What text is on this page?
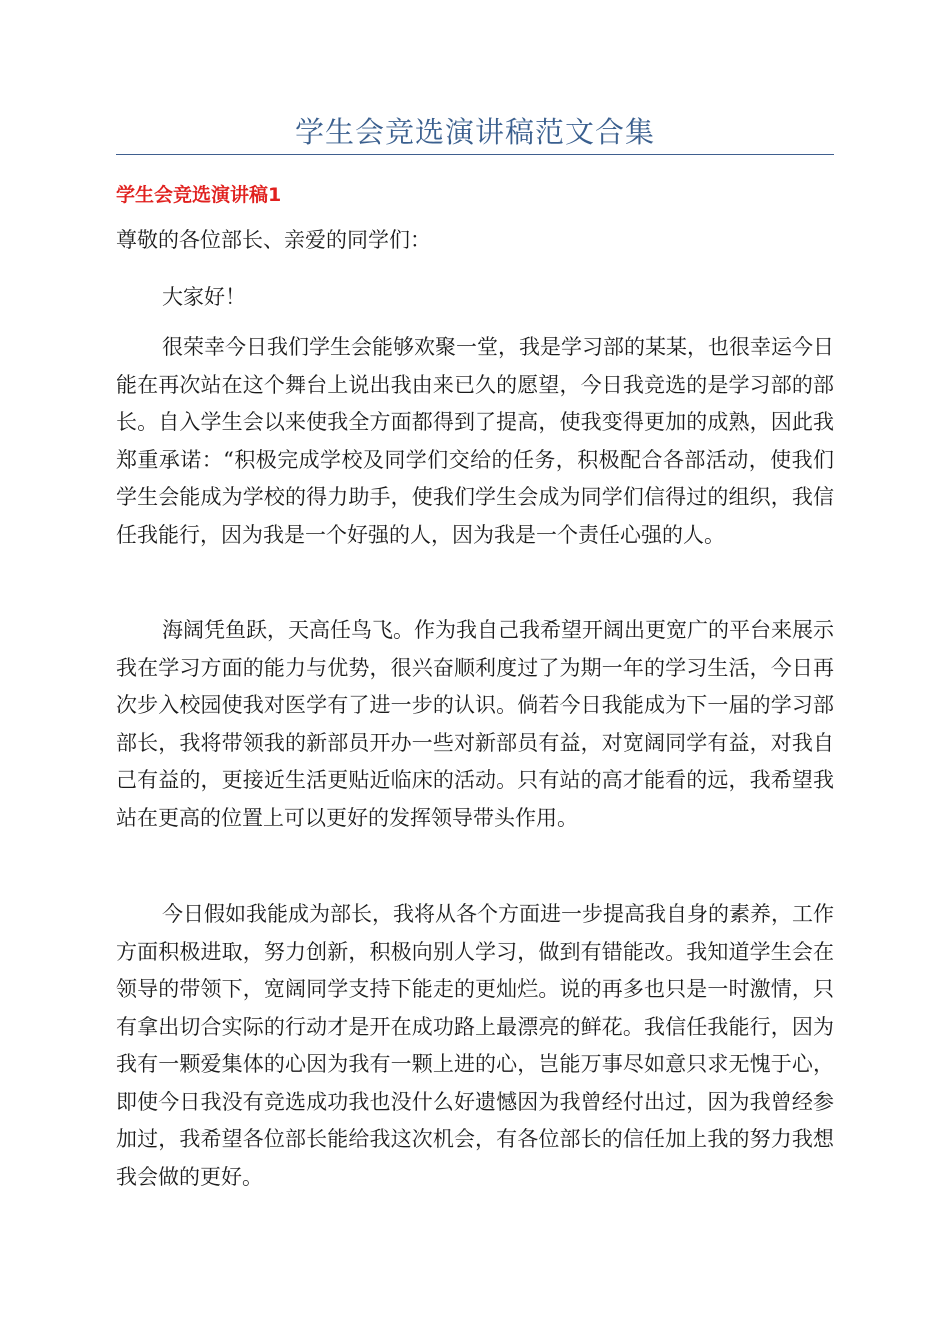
学生会竞选演讲稿范文合集
学生会竞选演讲稿1

尊敬的各位部长、亲爱的同学们：

大家好！

很荣幸今日我们学生会能够欢聚一堂，我是学习部的某某，也很幸运今日能在再次站在这个舞台上说出我由来已久的愿望，今日我竞选的是学习部的部长。自入学生会以来使我全方面都得到了提高，使我变得更加的成熟，因此我郑重承诺：“积极完成学校及同学们交给的任务，积极配合各部活动，使我们学生会能成为学校的得力助手，使我们学生会成为同学们信得过的组织，我信任我能行，因为我是一个好强的人，因为我是一个责任心强的人。

海阔凭鱼跃，天高任鸟飞。作为我自己我希望开阔出更宽广的平台来展示我在学习方面的能力与优势，很兴奋顺利度过了为期一年的学习生活，今日再次步入校园使我对医学有了进一步的认识。倘若今日我能成为下一届的学习部部长，我将带领我的新部员开办一些对新部员有益，对宽阔同学有益，对我自己有益的，更接近生活更贴近临床的活动。只有站的高才能看的远，我希望我站在更高的位置上可以更好的发挥领导带头作用。

今日假如我能成为部长，我将从各个方面进一步提高我自身的素养，工作方面积极进取，努力创新，积极向别人学习，做到有错能改。我知道学生会在领导的带领下，宽阔同学支持下能走的更灿烂。说的再多也只是一时激情，只有拿出切合实际的行动才是开在成功路上最漂亮的鲜花。我信任我能行，因为我有一颗爱集体的心因为我有一颗上进的心，岂能万事尽如意只求无愧于心，即使今日我没有竞选成功我也没什么好遗憾因为我曾经付出过，因为我曾经参加过，我希望各位部长能给我这次机会，有各位部长的信任加上我的努力我想我会做的更好。
